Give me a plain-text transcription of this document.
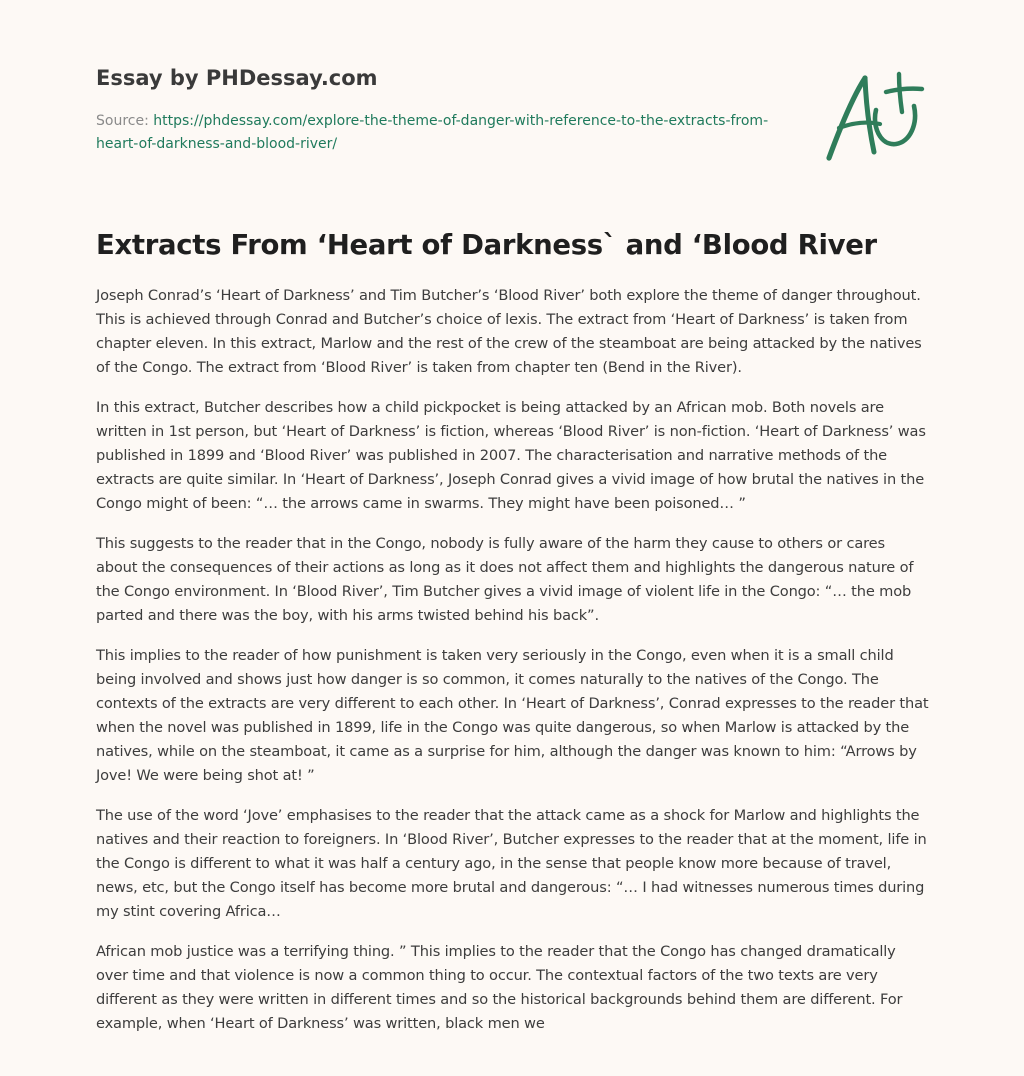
Essay by PHDessay.com
Source: https://phdessay.com/explore-the-theme-of-danger-with-reference-to-the-extracts-from-heart-of-darkness-and-blood-river/
Extracts From ‘Heart of Darkness` and ‘Blood River

Joseph Conrad’s ‘Heart of Darkness’ and Tim Butcher’s ‘Blood River’ both explore the theme of danger throughout. This is achieved through Conrad and Butcher’s choice of lexis. The extract from ‘Heart of Darkness’ is taken from chapter eleven. In this extract, Marlow and the rest of the crew of the steamboat are being attacked by the natives of the Congo. The extract from ‘Blood River’ is taken from chapter ten (Bend in the River).

In this extract, Butcher describes how a child pickpocket is being attacked by an African mob. Both novels are written in 1st person, but ‘Heart of Darkness’ is fiction, whereas ‘Blood River’ is non-fiction. ‘Heart of Darkness’ was published in 1899 and ‘Blood River’ was published in 2007. The characterisation and narrative methods of the extracts are quite similar. In ‘Heart of Darkness’, Joseph Conrad gives a vivid image of how brutal the natives in the Congo might of been: “… the arrows came in swarms. They might have been poisoned… ”

This suggests to the reader that in the Congo, nobody is fully aware of the harm they cause to others or cares about the consequences of their actions as long as it does not affect them and highlights the dangerous nature of the Congo environment. In ‘Blood River’, Tim Butcher gives a vivid image of violent life in the Congo: “… the mob parted and there was the boy, with his arms twisted behind his back”.

This implies to the reader of how punishment is taken very seriously in the Congo, even when it is a small child being involved and shows just how danger is so common, it comes naturally to the natives of the Congo. The contexts of the extracts are very different to each other. In ‘Heart of Darkness’, Conrad expresses to the reader that when the novel was published in 1899, life in the Congo was quite dangerous, so when Marlow is attacked by the natives, while on the steamboat, it came as a surprise for him, although the danger was known to him: “Arrows by Jove! We were being shot at! ”

The use of the word ‘Jove’ emphasises to the reader that the attack came as a shock for Marlow and highlights the natives and their reaction to foreigners. In ‘Blood River’, Butcher expresses to the reader that at the moment, life in the Congo is different to what it was half a century ago, in the sense that people know more because of travel, news, etc, but the Congo itself has become more brutal and dangerous: “… I had witnesses numerous times during my stint covering Africa…

African mob justice was a terrifying thing. ” This implies to the reader that the Congo has changed dramatically over time and that violence is now a common thing to occur. The contextual factors of the two texts are very different as they were written in different times and so the historical backgrounds behind them are different. For example, when ‘Heart of Darkness’ was written, black men we
